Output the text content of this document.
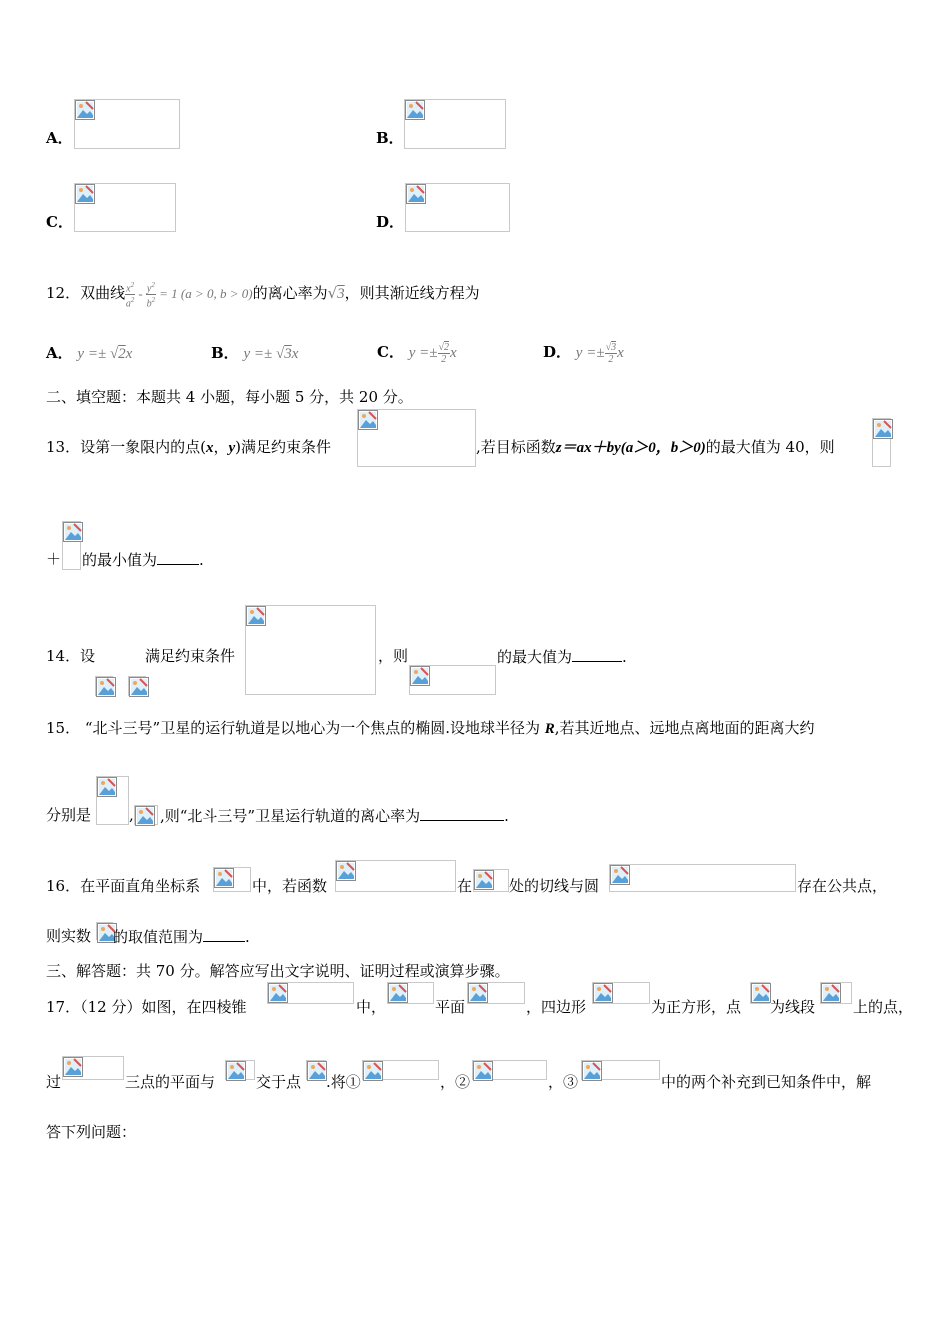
A．	B．
C．	D．
12．双曲线 $\frac{x^2}{a^2} - \frac{y^2}{b^2} = 1$ (a > 0, b > 0)的离心率为√3，则其渐近线方程为
A． y =± √2x	B． y =± √3x	C． $y =\pm \frac{√2}{2}$ x	D． $y =\pm \frac{√3}{2}$ x
二、填空题：本题共 4 小题，每小题 5 分，共 20 分。
13．设第一象限内的点(x，y)满足约束条件	,若目标函数z＝ax＋by(a＞0，b＞0)的最大值为 40，则
＋ 的最小值为	.
14． 设	满足约束条件	，则	的最大值为	.
15． “北斗三号”卫星的运行轨道是以地心为一个焦点的椭圆.设地球半径为 R,若其近地点、远地点离地面的距离大约
分别是	, ,则“北斗三号”卫星运行轨道的离心率为	.
16．在平面直角坐标系	中，若函数	在 处的切线与圆	存在公共点，
则实数 的取值范围为	.
三、解答题：共 70 分。解答应写出文字说明、证明过程或演算步骤。
17．（12 分）如图，在四棱锥	中，	平面	，四边形	为正方形，点 为线段	上的点，
过	三点的平面与	交于点 .将①	，②	，③	中的两个补充到已知条件中，解
答下列问题：
